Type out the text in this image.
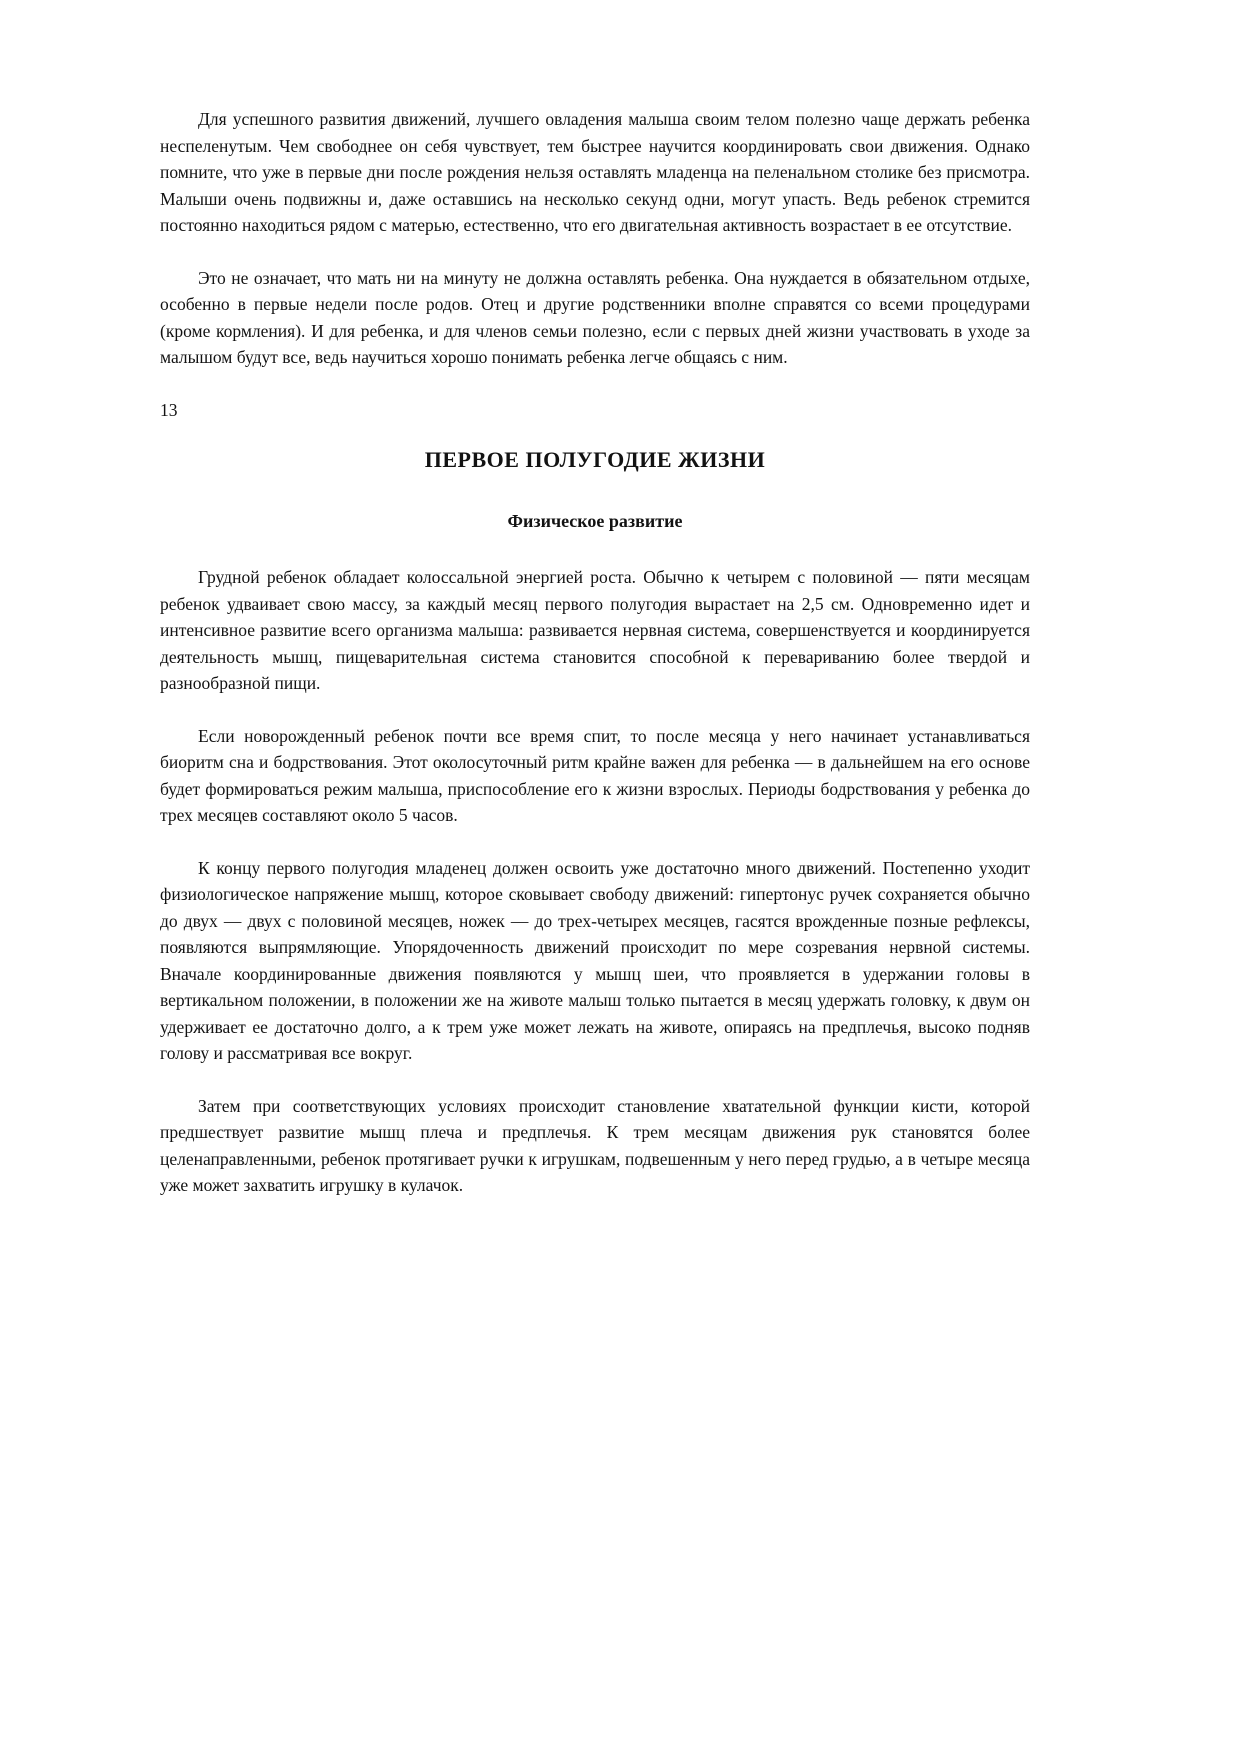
Для успешного развития движений, лучшего овладения малыша своим телом полезно чаще держать ребенка неспеленутым. Чем свободнее он себя чувствует, тем быстрее научится координировать свои движения. Однако помните, что уже в первые дни после рождения нельзя оставлять младенца на пеленальном столике без присмотра. Малыши очень подвижны и, даже оставшись на несколько секунд одни, могут упасть. Ведь ребенок стремится постоянно находиться рядом с матерью, естественно, что его двигательная активность возрастает в ее отсутствие.

Это не означает, что мать ни на минуту не должна оставлять ребенка. Она нуждается в обязательном отдыхе, особенно в первые недели после родов. Отец и другие родственники вполне справятся со всеми процедурами (кроме кормления). И для ребенка, и для членов семьи полезно, если с первых дней жизни участвовать в уходе за малышом будут все, ведь научиться хорошо понимать ребенка легче общаясь с ним.

13
ПЕРВОЕ ПОЛУГОДИЕ ЖИЗНИ
Физическое развитие

Грудной ребенок обладает колоссальной энергией роста. Обычно к четырем с половиной — пяти месяцам ребенок удваивает свою массу, за каждый месяц первого полугодия вырастает на 2,5 см. Одновременно идет и интенсивное развитие всего организма малыша: развивается нервная система, совершенствуется и координируется деятельность мышц, пищеварительная система становится способной к перевариванию более твердой и разнообразной пищи.

Если новорожденный ребенок почти все время спит, то после месяца у него начинает устанавливаться биоритм сна и бодрствования. Этот околосуточный ритм крайне важен для ребенка — в дальнейшем на его основе будет формироваться режим малыша, приспособление его к жизни взрослых. Периоды бодрствования у ребенка до трех месяцев составляют около 5 часов.

К концу первого полугодия младенец должен освоить уже достаточно много движений. Постепенно уходит физиологическое напряжение мышц, которое сковывает свободу движений: гипертонус ручек сохраняется обычно до двух — двух с половиной месяцев, ножек — до трех-четырех месяцев, гасятся врожденные позные рефлексы, появляются выпрямляющие. Упорядоченность движений происходит по мере созревания нервной системы. Вначале координированные движения появляются у мышц шеи, что проявляется в удержании головы в вертикальном положении, в положении же на животе малыш только пытается в месяц удержать головку, к двум он удерживает ее достаточно долго, а к трем уже может лежать на животе, опираясь на предплечья, высоко подняв голову и рассматривая все вокруг.

Затем при соответствующих условиях происходит становление хватательной функции кисти, которой предшествует развитие мышц плеча и предплечья. К трем месяцам движения рук становятся более целенаправленными, ребенок протягивает ручки к игрушкам, подвешенным у него перед грудью, а в четыре месяца уже может захватить игрушку в кулачок.
